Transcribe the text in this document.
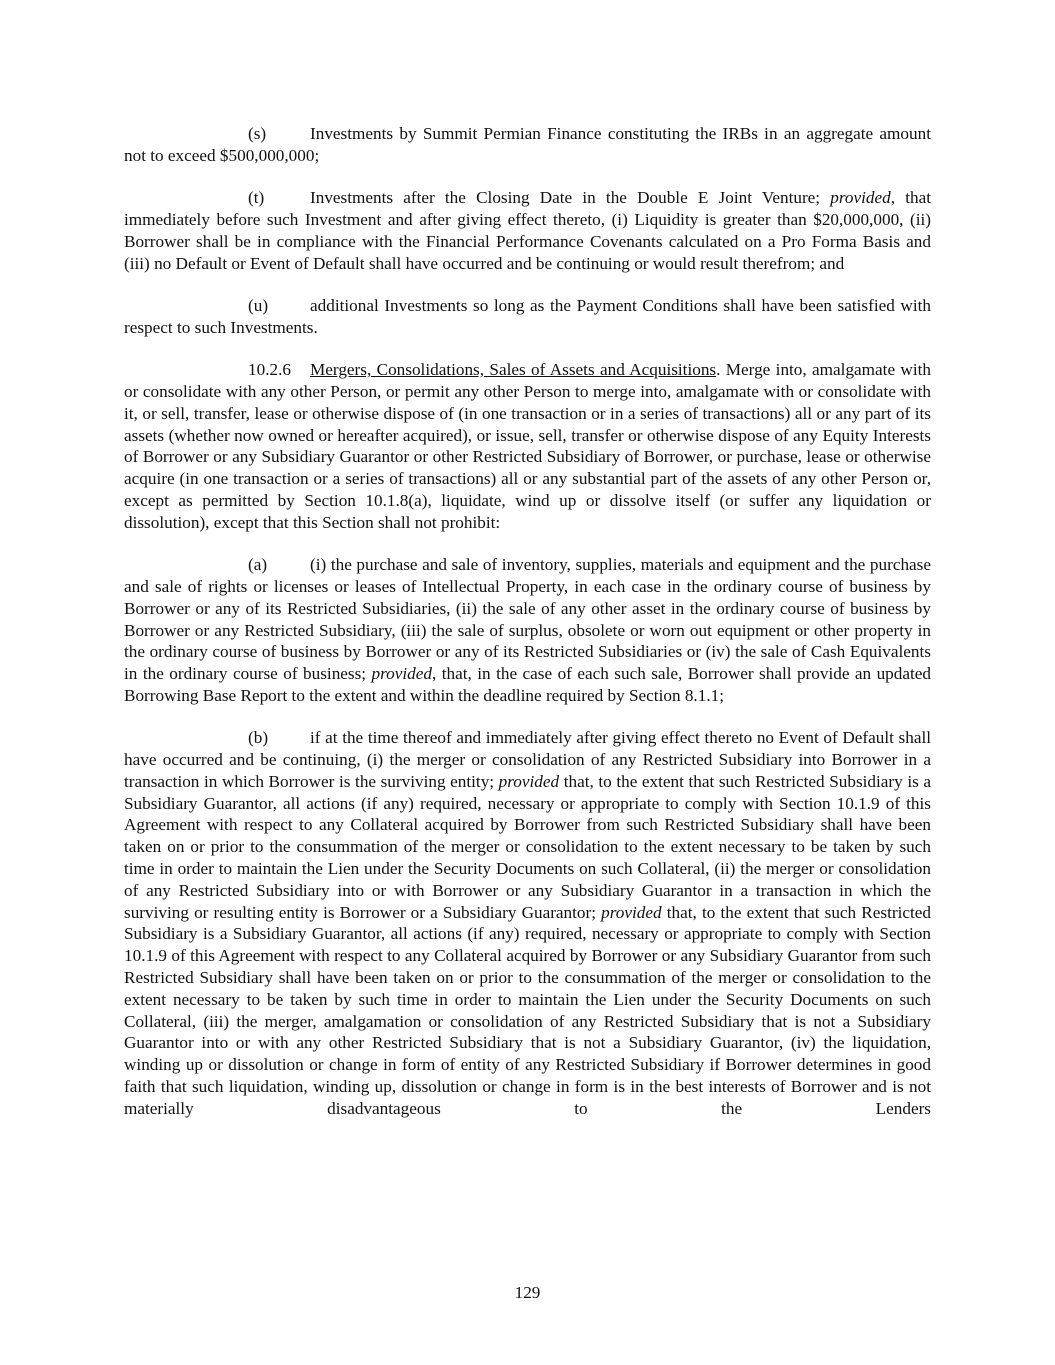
(s)	Investments by Summit Permian Finance constituting the IRBs in an aggregate amount not to exceed $500,000,000;

(t)	Investments after the Closing Date in the Double E Joint Venture; provided, that immediately before such Investment and after giving effect thereto, (i) Liquidity is greater than $20,000,000, (ii) Borrower shall be in compliance with the Financial Performance Covenants calculated on a Pro Forma Basis and (iii) no Default or Event of Default shall have occurred and be continuing or would result therefrom; and

(u) additional Investments so long as the Payment Conditions shall have been satisfied with respect to such Investments.

10.2.6 Mergers, Consolidations, Sales of Assets and Acquisitions. Merge into, amalgamate with or consolidate with any other Person, or permit any other Person to merge into, amalgamate with or consolidate with it, or sell, transfer, lease or otherwise dispose of (in one transaction or in a series of transactions) all or any part of its assets (whether now owned or hereafter acquired), or issue, sell, transfer or otherwise dispose of any Equity Interests of Borrower or any Subsidiary Guarantor or other Restricted Subsidiary of Borrower, or purchase, lease or otherwise acquire (in one transaction or a series of transactions) all or any substantial part of the assets of any other Person or, except as permitted by Section 10.1.8(a), liquidate, wind up or dissolve itself (or suffer any liquidation or dissolution), except that this Section shall not prohibit:

(a) (i) the purchase and sale of inventory, supplies, materials and equipment and the purchase and sale of rights or licenses or leases of Intellectual Property, in each case in the ordinary course of business by Borrower or any of its Restricted Subsidiaries, (ii) the sale of any other asset in the ordinary course of business by Borrower or any Restricted Subsidiary, (iii) the sale of surplus, obsolete or worn out equipment or other property in the ordinary course of business by Borrower or any of its Restricted Subsidiaries or (iv) the sale of Cash Equivalents in the ordinary course of business; provided, that, in the case of each such sale, Borrower shall provide an updated Borrowing Base Report to the extent and within the deadline required by Section 8.1.1;

(b) if at the time thereof and immediately after giving effect thereto no Event of Default shall have occurred and be continuing, (i) the merger or consolidation of any Restricted Subsidiary into Borrower in a transaction in which Borrower is the surviving entity; provided that, to the extent that such Restricted Subsidiary is a Subsidiary Guarantor, all actions (if any) required, necessary or appropriate to comply with Section 10.1.9 of this Agreement with respect to any Collateral acquired by Borrower from such Restricted Subsidiary shall have been taken on or prior to the consummation of the merger or consolidation to the extent necessary to be taken by such time in order to maintain the Lien under the Security Documents on such Collateral, (ii) the merger or consolidation of any Restricted Subsidiary into or with Borrower or any Subsidiary Guarantor in a transaction in which the surviving or resulting entity is Borrower or a Subsidiary Guarantor; provided that, to the extent that such Restricted Subsidiary is a Subsidiary Guarantor, all actions (if any) required, necessary or appropriate to comply with Section 10.1.9 of this Agreement with respect to any Collateral acquired by Borrower or any Subsidiary Guarantor from such Restricted Subsidiary shall have been taken on or prior to the consummation of the merger or consolidation to the extent necessary to be taken by such time in order to maintain the Lien under the Security Documents on such Collateral, (iii) the merger, amalgamation or consolidation of any Restricted Subsidiary that is not a Subsidiary Guarantor into or with any other Restricted Subsidiary that is not a Subsidiary Guarantor, (iv) the liquidation, winding up or dissolution or change in form of entity of any Restricted Subsidiary if Borrower determines in good faith that such liquidation, winding up, dissolution or change in form is in the best interests of Borrower and is not materially disadvantageous to the Lenders

129
